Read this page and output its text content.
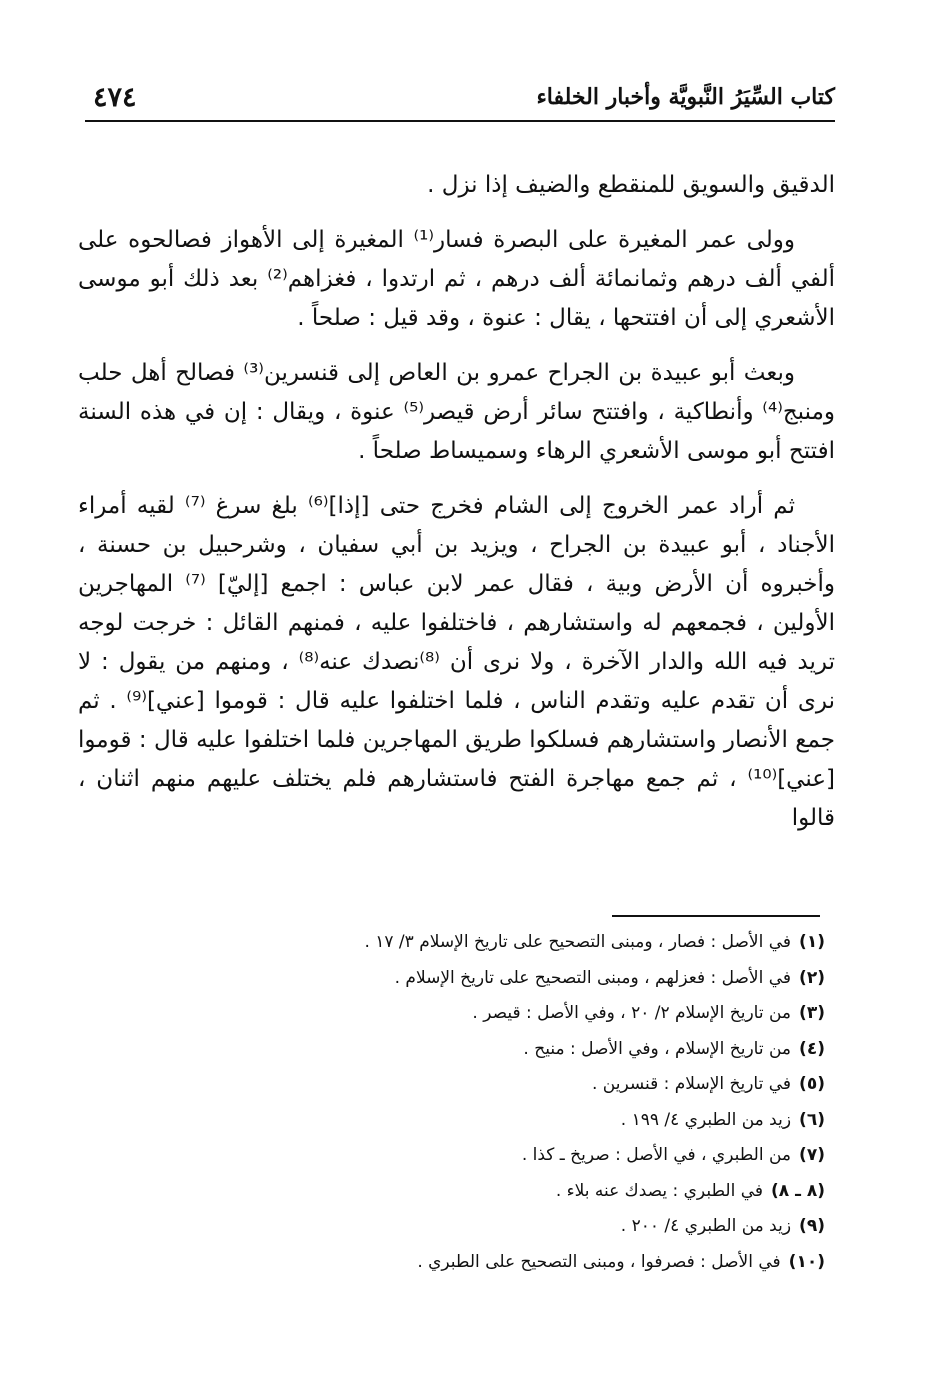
كتاب السِّيَرُ النَّبويَّة وأخبار الخلفاء
٤٧٤

الدقيق والسويق للمنقطع والضيف إذا نزل .

وولى عمر المغيرة على البصرة فسار⁽¹⁾ المغيرة إلى الأهواز فصالحوه على ألفي ألف درهم وثمانمائة ألف درهم ، ثم ارتدوا ، فغزاهم⁽²⁾ بعد ذلك أبو موسى الأشعري إلى أن افتتحها ، يقال : عنوة ، وقد قيل : صلحاً .

وبعث أبو عبيدة بن الجراح عمرو بن العاص إلى قنسرين⁽³⁾ فصالح أهل حلب ومنبج⁽⁴⁾ وأنطاكية ، وافتتح سائر أرض قيصر⁽⁵⁾ عنوة ، ويقال : إن في هذه السنة افتتح أبو موسى الأشعري الرهاء وسميساط صلحاً .

ثم أراد عمر الخروج إلى الشام فخرج حتى [إذا]⁽⁶⁾ بلغ سرغ ⁽⁷⁾ لقيه أمراء الأجناد ، أبو عبيدة بن الجراح ، ويزيد بن أبي سفيان ، وشرحبيل بن حسنة ، وأخبروه أن الأرض وبية ، فقال عمر لابن عباس : اجمع [إليّ] ⁽⁷⁾ المهاجرين الأولين ، فجمعهم له واستشارهم ، فاختلفوا عليه ، فمنهم القائل : خرجت لوجه تريد فيه الله والدار الآخرة ، ولا نرى أن ⁽⁸⁾نصدك عنه⁽⁸⁾ ، ومنهم من يقول : لا نرى أن تقدم عليه وتقدم الناس ، فلما اختلفوا عليه قال : قوموا [عني]⁽⁹⁾ . ثم جمع الأنصار واستشارهم فسلكوا طريق المهاجرين فلما اختلفوا عليه قال : قوموا [عني]⁽¹⁰⁾ ، ثم جمع مهاجرة الفتح فاستشارهم فلم يختلف عليهم منهم اثنان ، قالوا

(١)في الأصل : فصار ، ومبنى التصحيح على تاريخ الإسلام ٣/ ١٧ .
(٢)في الأصل : فعزلهم ، ومبنى التصحيح على تاريخ الإسلام .
(٣)من تاريخ الإسلام ٢/ ٢٠ ، وفي الأصل : قيصر .
(٤)من تاريخ الإسلام ، وفي الأصل : منيح .
(٥)في تاريخ الإسلام : قنسرين .
(٦)زيد من الطبري ٤/ ١٩٩ .
(٧)من الطبري ، في الأصل : صريخ ـ كذا .
(٨ ـ ٨)في الطبري : يصدك عنه بلاء .
(٩)زيد من الطبري ٤/ ٢٠٠ .
(١٠)في الأصل : فصرفوا ، ومبنى التصحيح على الطبري .
